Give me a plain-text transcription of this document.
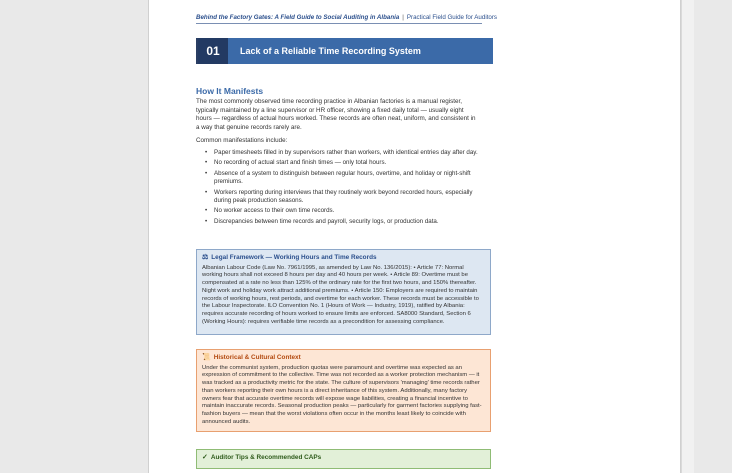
Behind the Factory Gates: A Field Guide to Social Auditing in Albania | Practical Field Guide for Auditors
01	Lack of a Reliable Time Recording System
How It Manifests
The most commonly observed time recording practice in Albanian factories is a manual register, typically maintained by a line supervisor or HR officer, showing a fixed daily total — usually eight hours — regardless of actual hours worked. These records are often neat, uniform, and consistent in a way that genuine records rarely are.
Common manifestations include:
• Paper timesheets filled in by supervisors rather than workers, with identical entries day after day.
• No recording of actual start and finish times — only total hours.
• Absence of a system to distinguish between regular hours, overtime, and holiday or night-shift premiums.
• Workers reporting during interviews that they routinely work beyond recorded hours, especially during peak production seasons.
• No worker access to their own time records.
• Discrepancies between time records and payroll, security logs, or production data.
⚖ Legal Framework — Working Hours and Time Records
Albanian Labour Code (Law No. 7961/1995, as amended by Law No. 136/2015): • Article 77: Normal working hours shall not exceed 8 hours per day and 40 hours per week. • Article 89: Overtime must be compensated at a rate no less than 125% of the ordinary rate for the first two hours, and 150% thereafter. Night work and holiday work attract additional premiums. • Article 150: Employers are required to maintain records of working hours, rest periods, and overtime for each worker. These records must be accessible to the Labour Inspectorate. ILO Convention No. 1 (Hours of Work — Industry, 1919), ratified by Albania: requires accurate recording of hours worked to ensure limits are enforced. SA8000 Standard, Section 6 (Working Hours): requires verifiable time records as a precondition for assessing compliance.
📜 Historical & Cultural Context
Under the communist system, production quotas were paramount and overtime was expected as an expression of commitment to the collective. Time was not recorded as a worker protection mechanism — it was tracked as a productivity metric for the state. The culture of supervisors 'managing' time records rather than workers reporting their own hours is a direct inheritance of this system. Additionally, many factory owners fear that accurate overtime records will expose wage liabilities, creating a financial incentive to maintain inaccurate records. Seasonal production peaks — particularly for garment factories supplying fast-fashion buyers — mean that the worst violations often occur in the months least likely to coincide with announced audits.
✓ Auditor Tips & Recommended CAPs
